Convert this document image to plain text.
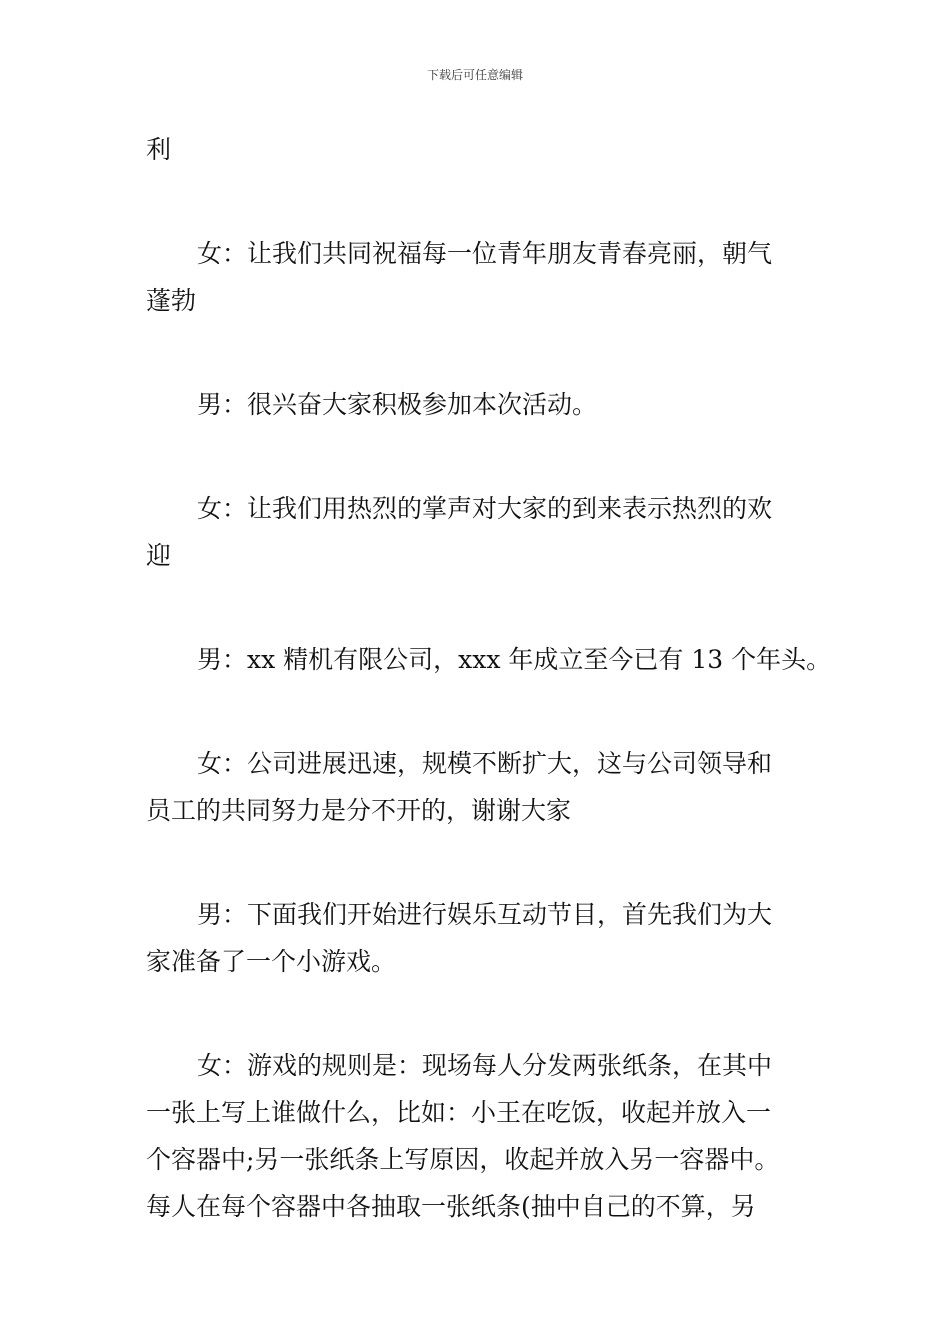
下载后可任意编辑

利

女：让我们共同祝福每一位青年朋友青春亮丽，朝气

蓬勃

男：很兴奋大家积极参加本次活动。

女：让我们用热烈的掌声对大家的到来表示热烈的欢

迎

男：xx 精机有限公司，xxx 年成立至今已有 13 个年头。

女：公司进展迅速，规模不断扩大，这与公司领导和

员工的共同努力是分不开的，谢谢大家

男：下面我们开始进行娱乐互动节目，首先我们为大

家准备了一个小游戏。

女：游戏的规则是：现场每人分发两张纸条，在其中

一张上写上谁做什么，比如：小王在吃饭，收起并放入一

个容器中;另一张纸条上写原因，收起并放入另一容器中。

每人在每个容器中各抽取一张纸条(抽中自己的不算，另
